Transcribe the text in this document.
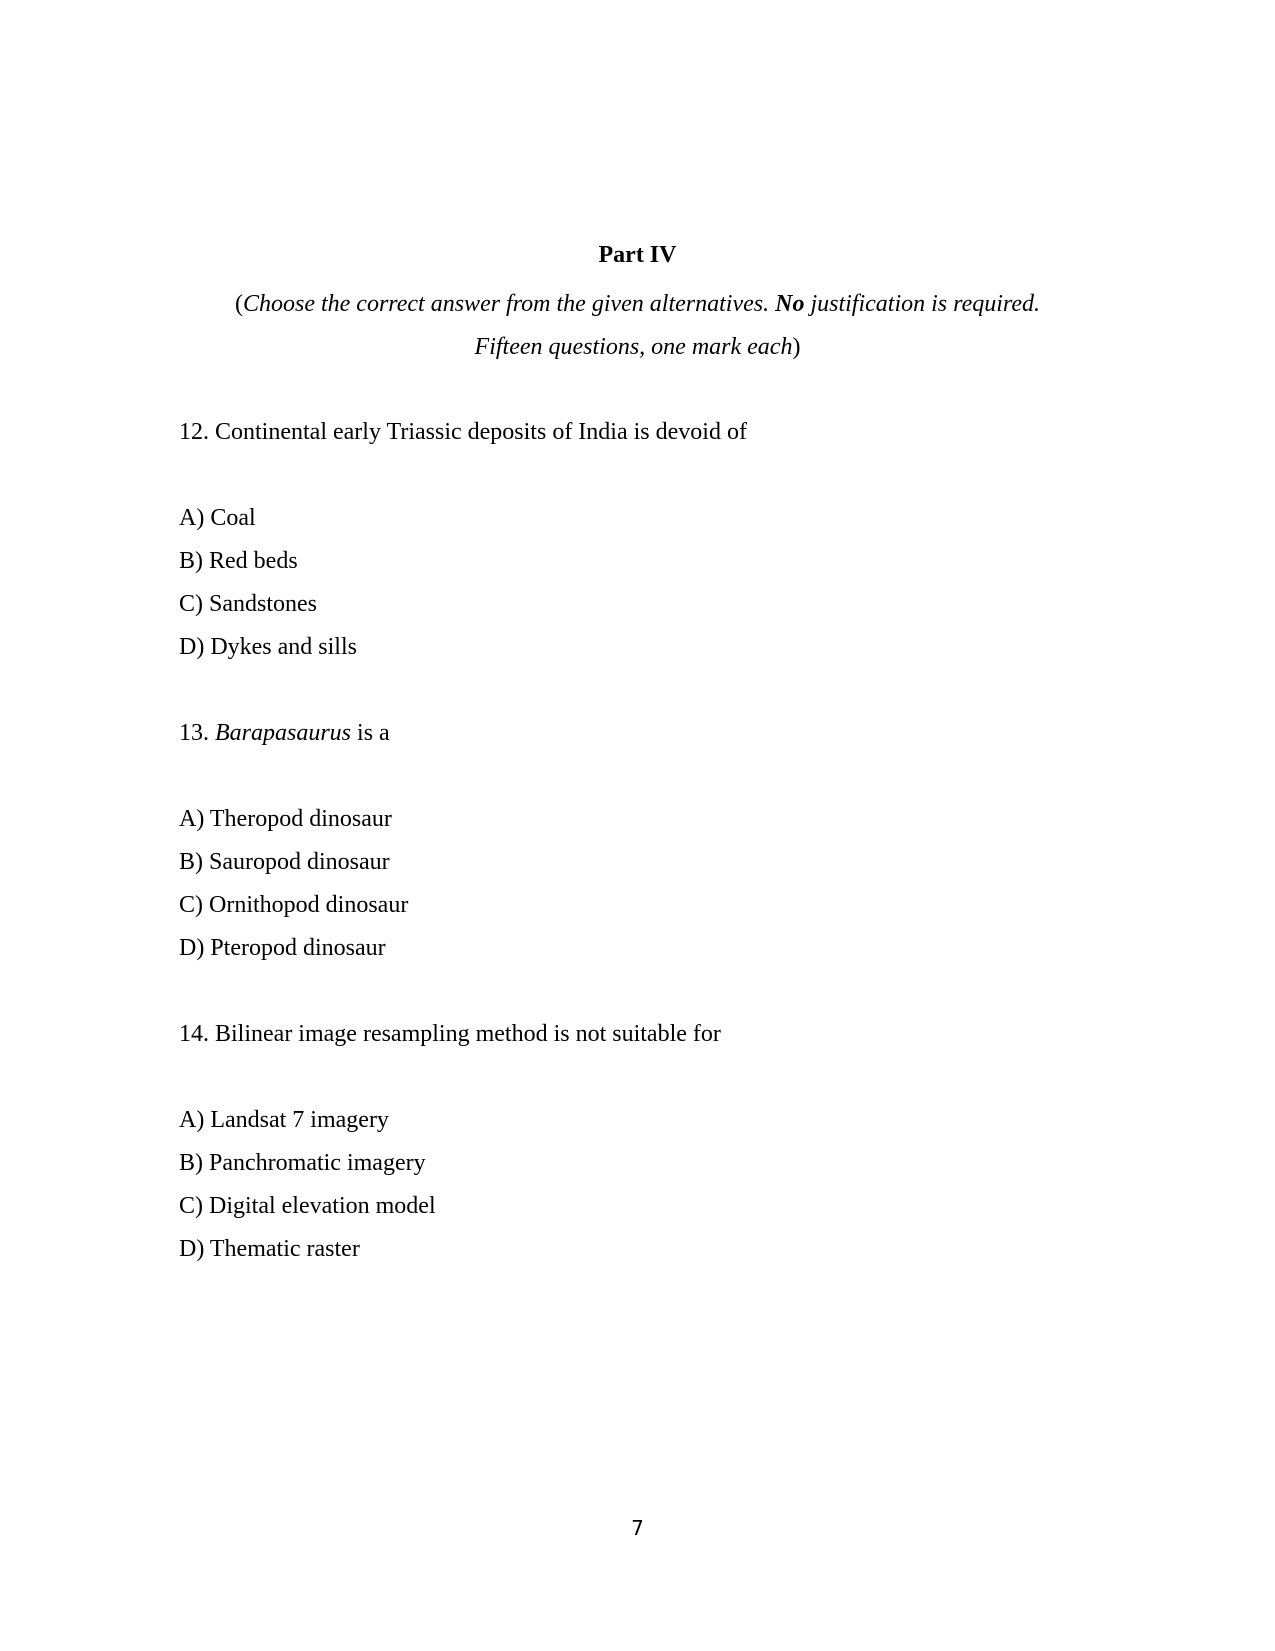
Part IV
(Choose the correct answer from the given alternatives. No justification is required.
Fifteen questions, one mark each)

12. Continental early Triassic deposits of India is devoid of

A) Coal

B) Red beds

C) Sandstones

D) Dykes and sills

13. Barapasaurus is a

A) Theropod dinosaur

B) Sauropod dinosaur

C) Ornithopod dinosaur

D) Pteropod dinosaur

14. Bilinear image resampling method is not suitable for

A) Landsat 7 imagery

B) Panchromatic imagery

C) Digital elevation model

D) Thematic raster

7
